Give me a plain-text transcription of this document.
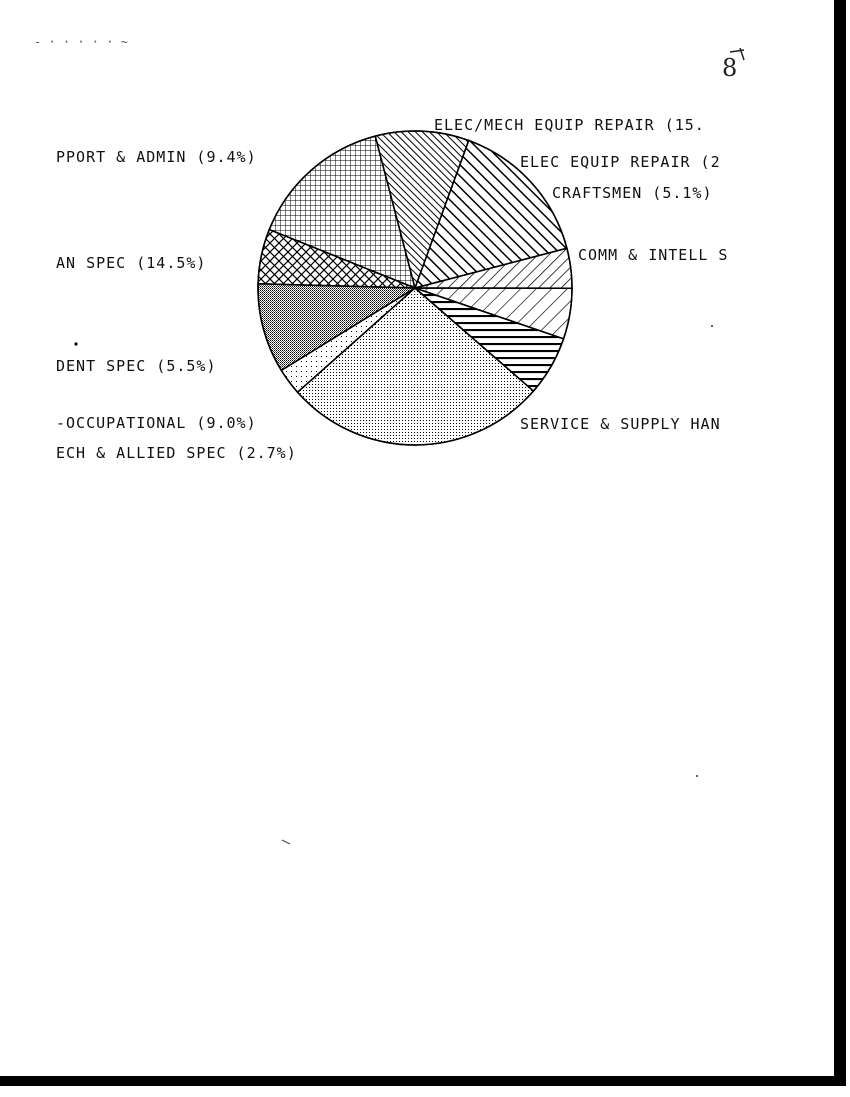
- · · · · · ~
8
ELEC/MECH EQUIP REPAIR (15.
ELEC EQUIP REPAIR (2
CRAFTSMEN (5.1%)
COMM & INTELL S
SERVICE & SUPPLY HAN
ECH & ALLIED SPEC (2.7%)
-OCCUPATIONAL (9.0%)
DENT SPEC (5.5%)
AN SPEC (14.5%)
PPORT & ADMIN (9.4%)
